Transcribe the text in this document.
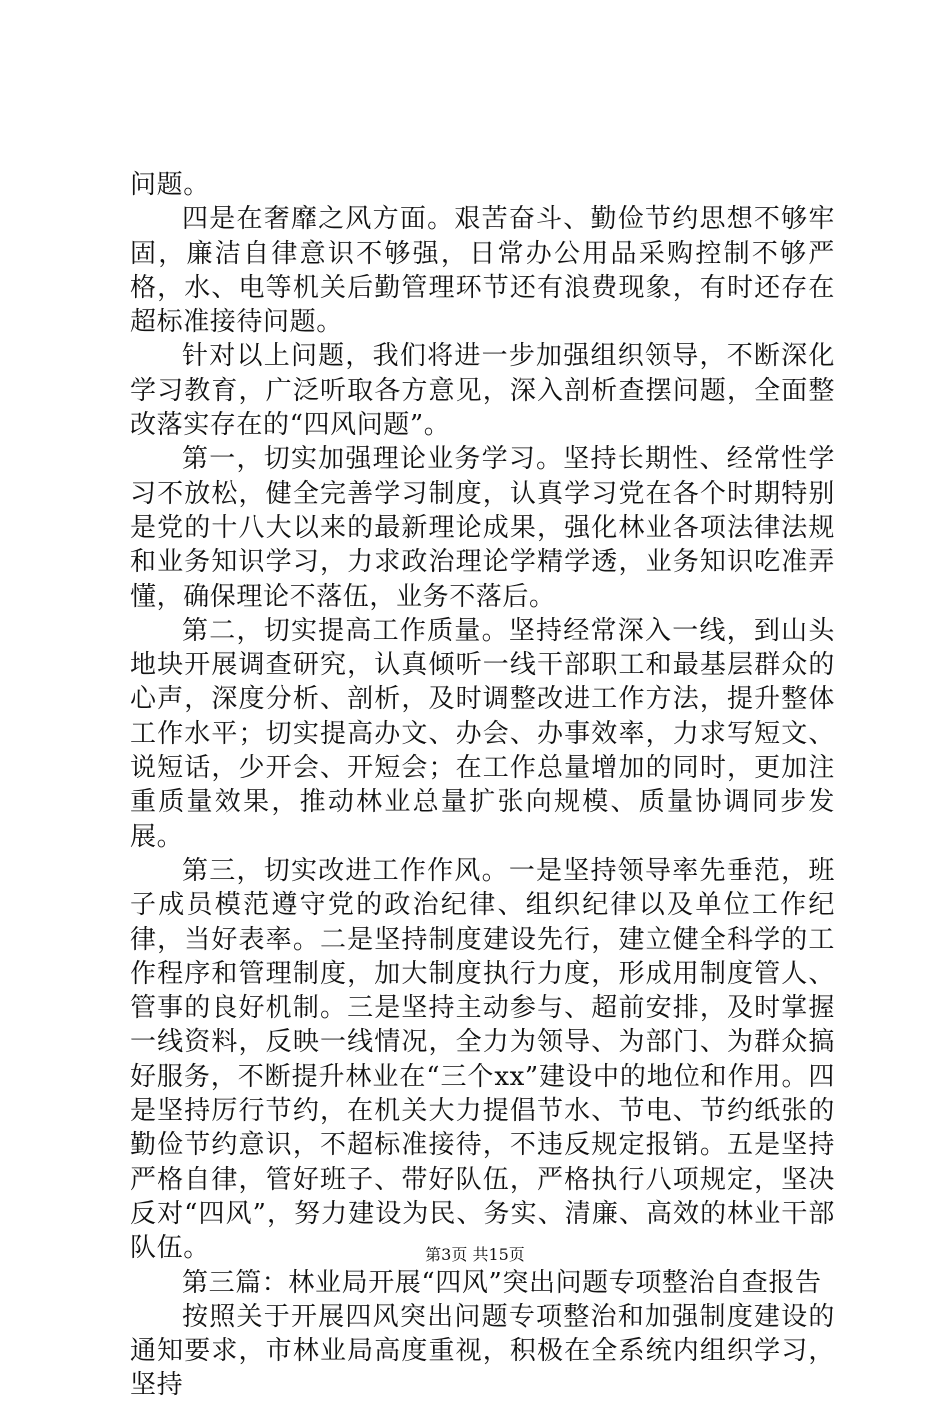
问题。

四是在奢靡之风方面。艰苦奋斗、勤俭节约思想不够牢固，廉洁自律意识不够强，日常办公用品采购控制不够严格，水、电等机关后勤管理环节还有浪费现象，有时还存在超标准接待问题。

针对以上问题，我们将进一步加强组织领导，不断深化学习教育，广泛听取各方意见，深入剖析查摆问题，全面整改落实存在的“四风问题”。

第一，切实加强理论业务学习。坚持长期性、经常性学习不放松，健全完善学习制度，认真学习党在各个时期特别是党的十八大以来的最新理论成果，强化林业各项法律法规和业务知识学习，力求政治理论学精学透，业务知识吃准弄懂，确保理论不落伍，业务不落后。

第二，切实提高工作质量。坚持经常深入一线，到山头地块开展调查研究，认真倾听一线干部职工和最基层群众的心声，深度分析、剖析，及时调整改进工作方法，提升整体工作水平；切实提高办文、办会、办事效率，力求写短文、说短话，少开会、开短会；在工作总量增加的同时，更加注重质量效果，推动林业总量扩张向规模、质量协调同步发展。

第三，切实改进工作作风。一是坚持领导率先垂范，班子成员模范遵守党的政治纪律、组织纪律以及单位工作纪律，当好表率。二是坚持制度建设先行，建立健全科学的工作程序和管理制度，加大制度执行力度，形成用制度管人、管事的良好机制。三是坚持主动参与、超前安排，及时掌握一线资料，反映一线情况，全力为领导、为部门、为群众搞好服务，不断提升林业在“三个xx”建设中的地位和作用。四是坚持厉行节约，在机关大力提倡节水、节电、节约纸张的勤俭节约意识，不超标准接待，不违反规定报销。五是坚持严格自律，管好班子、带好队伍，严格执行八项规定，坚决反对“四风”，努力建设为民、务实、清廉、高效的林业干部队伍。

第三篇：林业局开展“四风”突出问题专项整治自查报告

按照关于开展四风突出问题专项整治和加强制度建设的通知要求，市林业局高度重视，积极在全系统内组织学习，坚持

第3页 共15页
